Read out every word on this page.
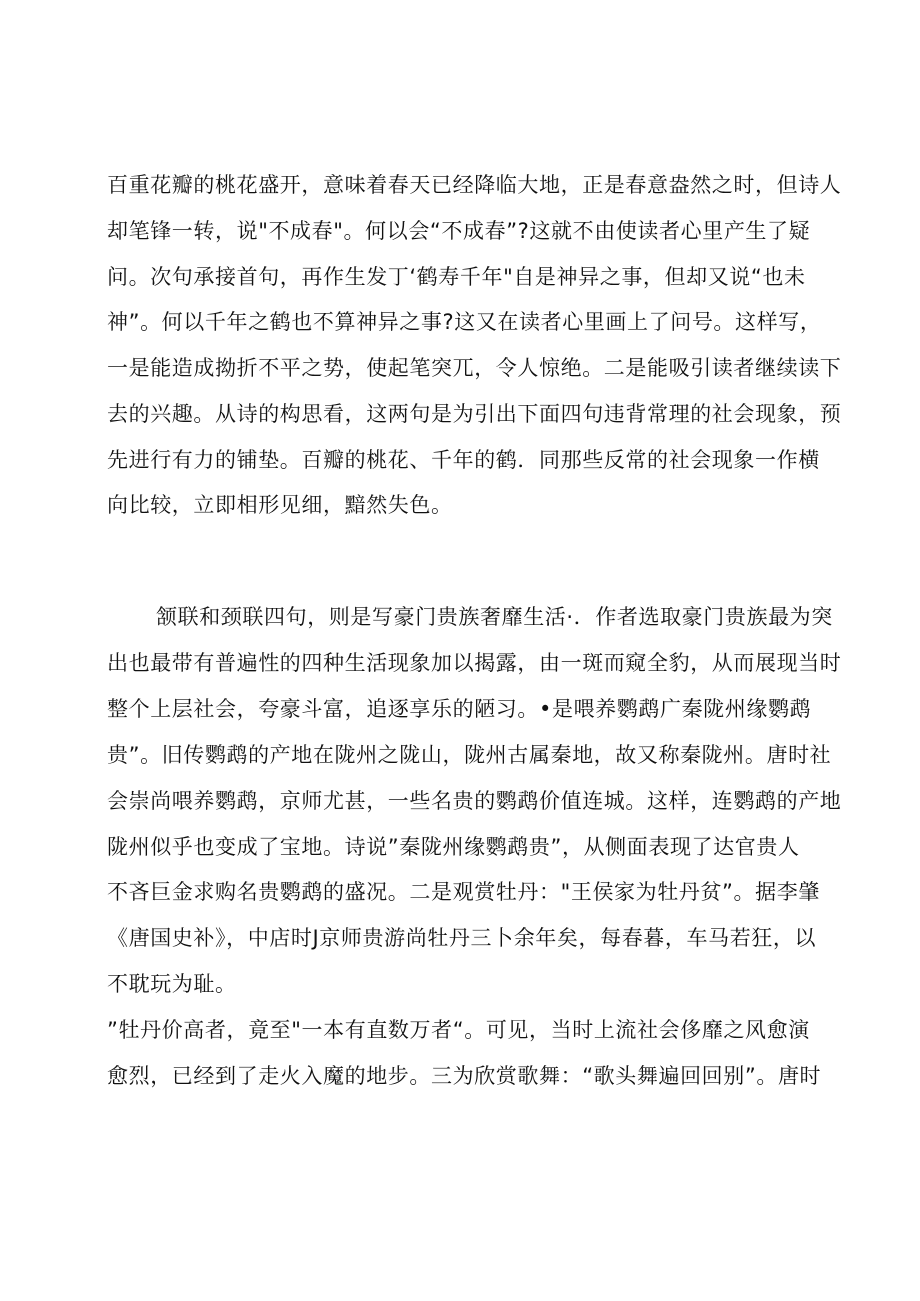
百重花瓣的桃花盛开，意味着春天已经降临大地，正是春意盎然之时，但诗人
却笔锋一转，说"不成春"。何以会“不成春”?这就不由使读者心里产生了疑
问。次句承接首句，再作生发丁‘鹤寿千年"自是神异之事，但却又说“也未
神”。何以千年之鹤也不算神异之事?这又在读者心里画上了问号。这样写，
一是能造成拗折不平之势，使起笔突兀，令人惊绝。二是能吸引读者继续读下
去的兴趣。从诗的构思看，这两句是为引出下面四句违背常理的社会现象，预
先进行有力的铺垫。百瓣的桃花、千年的鹤．同那些反常的社会现象一作横
向比较，立即相形见细，黯然失色。
颔联和颈联四句，则是写豪门贵族奢靡生活·．作者选取豪门贵族最为突
出也最带有普遍性的四种生活现象加以揭露，由一斑而窥全豹，从而展现当时
整个上层社会，夸豪斗富，追逐享乐的陋习。•是喂养鹦鹉广秦陇州缘鹦鹉
贵”。旧传鹦鹉的产地在陇州之陇山，陇州古属秦地，故又称秦陇州。唐时社
会崇尚喂养鹦鹉，京师尤甚，一些名贵的鹦鹉价值连城。这样，连鹦鹉的产地
陇州似乎也变成了宝地。诗说”秦陇州缘鹦鹉贵”，从侧面表现了达官贵人
不吝巨金求购名贵鹦鹉的盛况。二是观赏牡丹："王侯家为牡丹贫”。据李肇
《唐国史补》，中店时J京师贵游尚牡丹三卜余年矣，每春暮，车马若狂，以
不耽玩为耻。
”牡丹价高者，竟至"一本有直数万者“。可见，当时上流社会侈靡之风愈演
愈烈，已经到了走火入魔的地步。三为欣赏歌舞：“歌头舞遍回回别”。唐时
